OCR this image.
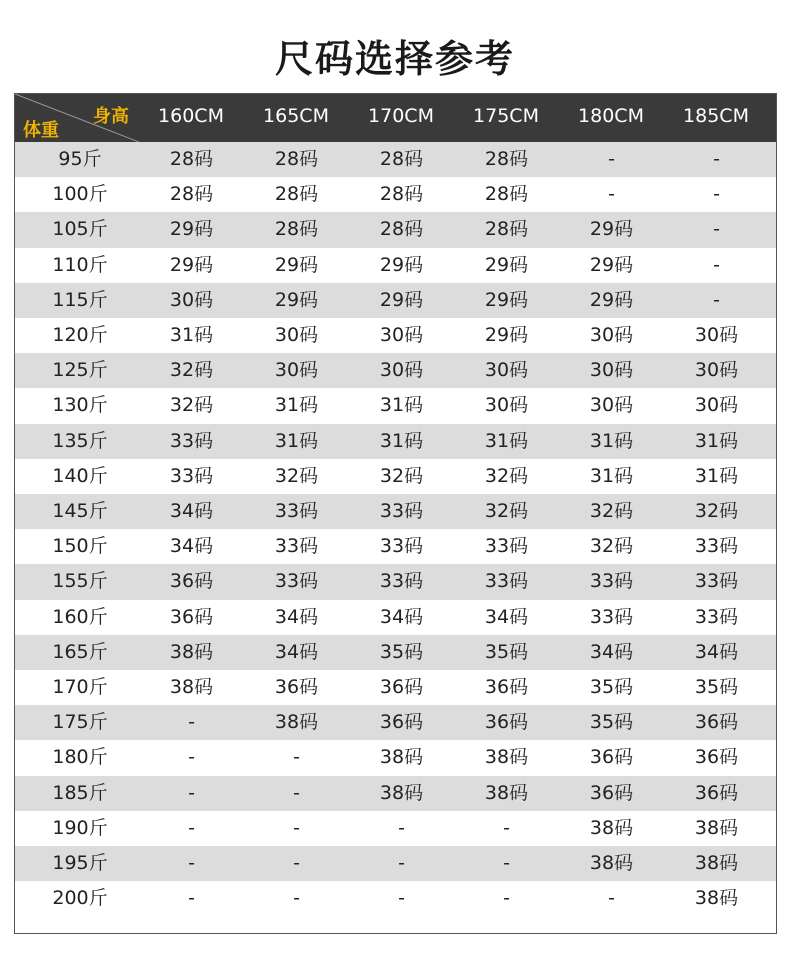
尺码选择参考
身高
体重
160CM	165CM	170CM	175CM	180CM	185CM
95斤	28码	28码	28码	28码	-	-
100斤	28码	28码	28码	28码	-	-
105斤	29码	28码	28码	28码	29码	-
110斤	29码	29码	29码	29码	29码	-
115斤	30码	29码	29码	29码	29码	-
120斤	31码	30码	30码	29码	30码	30码
125斤	32码	30码	30码	30码	30码	30码
130斤	32码	31码	31码	30码	30码	30码
135斤	33码	31码	31码	31码	31码	31码
140斤	33码	32码	32码	32码	31码	31码
145斤	34码	33码	33码	32码	32码	32码
150斤	34码	33码	33码	33码	32码	33码
155斤	36码	33码	33码	33码	33码	33码
160斤	36码	34码	34码	34码	33码	33码
165斤	38码	34码	35码	35码	34码	34码
170斤	38码	36码	36码	36码	35码	35码
175斤	-	38码	36码	36码	35码	36码
180斤	-	-	38码	38码	36码	36码
185斤	-	-	38码	38码	36码	36码
190斤	-	-	-	-	38码	38码
195斤	-	-	-	-	38码	38码
200斤	-	-	-	-	-	38码
